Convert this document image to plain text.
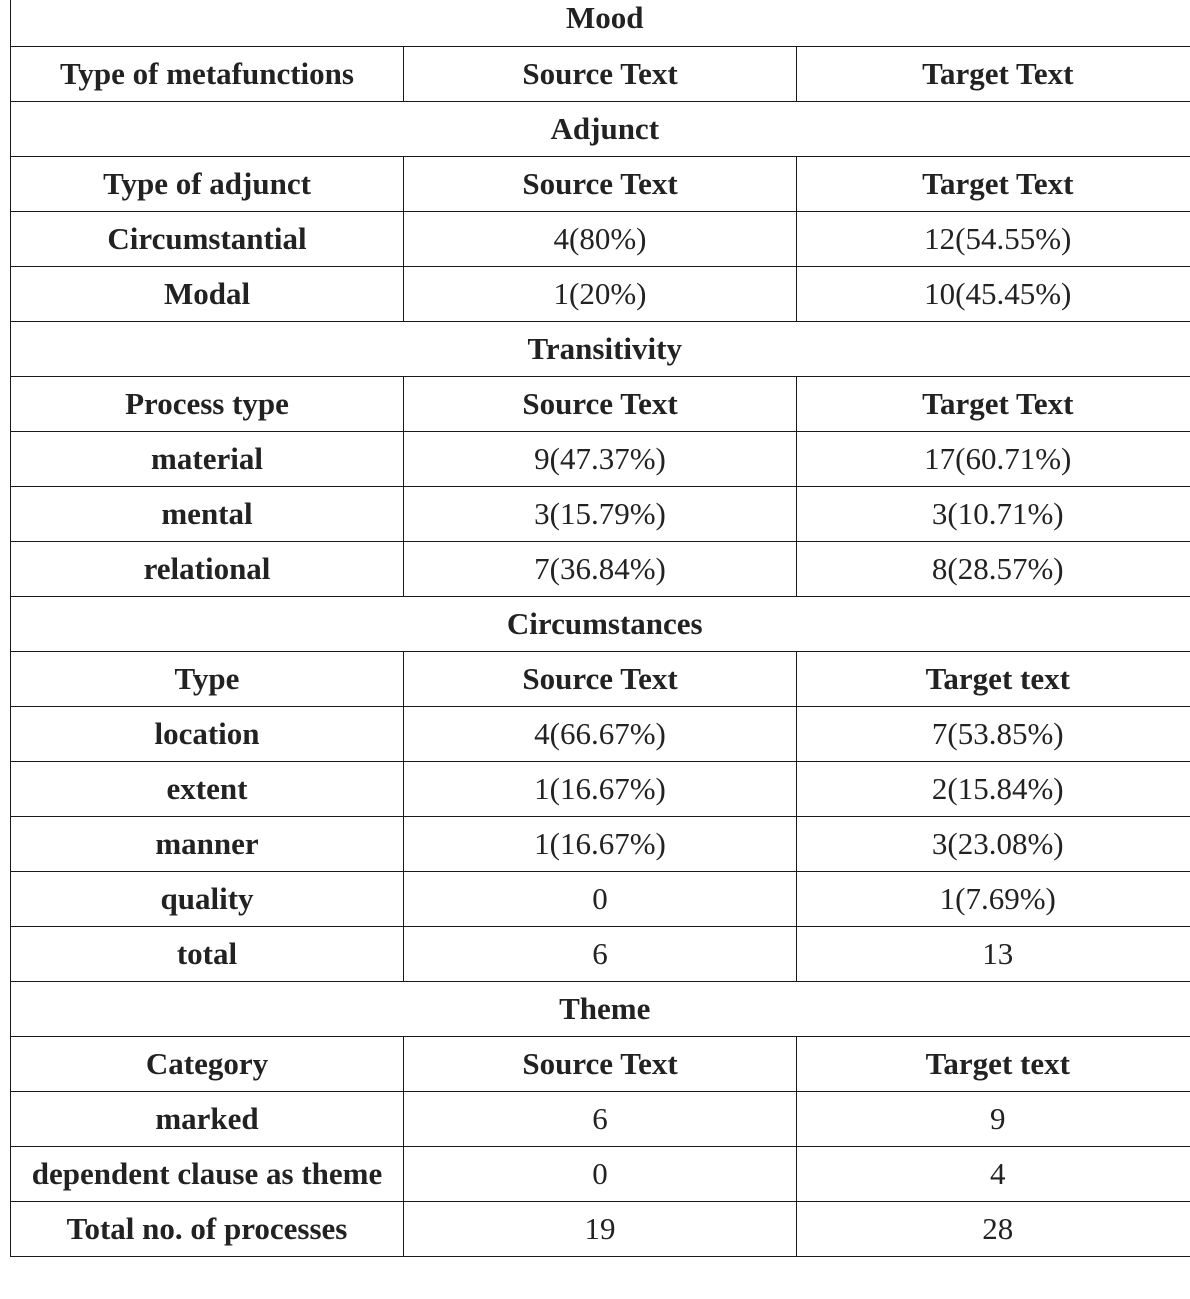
Mood		
Type of metafunctions	Source Text	Target Text
Adjunct		
Type of adjunct	Source Text	Target Text
Circumstantial	4(80%)	12(54.55%)
Modal	1(20%)	10(45.45%)
Transitivity		
Process type	Source Text	Target Text
material	9(47.37%)	17(60.71%)
mental	3(15.79%)	3(10.71%)
relational	7(36.84%)	8(28.57%)
Circumstances		
Type	Source Text	Target text
location	4(66.67%)	7(53.85%)
extent	1(16.67%)	2(15.84%)
manner	1(16.67%)	3(23.08%)
quality	0	1(7.69%)
total	6	13
Theme		
Category	Source Text	Target text
marked	6	9
dependent clause as theme	0	4
Total no. of processes	19	28
